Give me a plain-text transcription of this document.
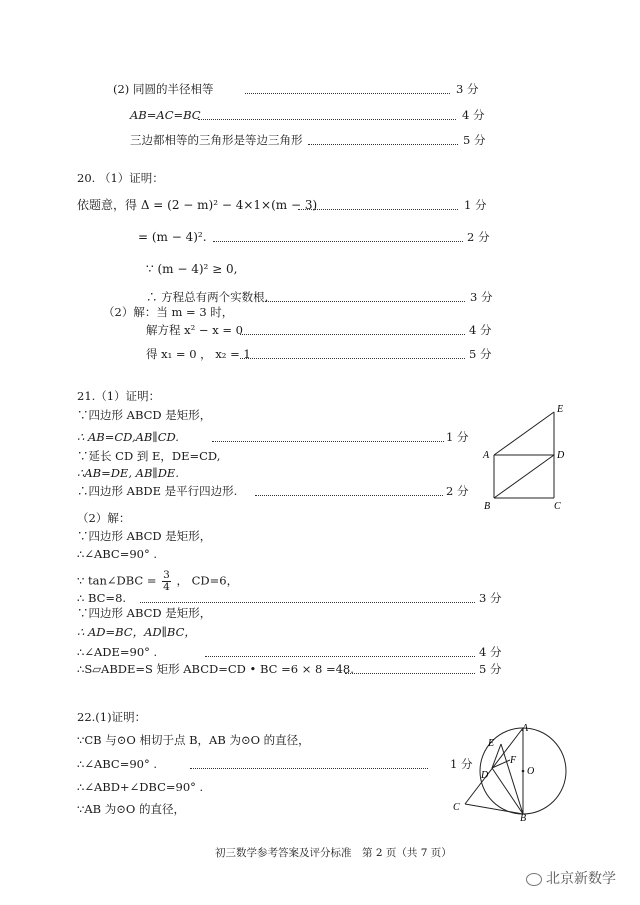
(2) 同圆的半径相等	3 分
AB=AC=BC	4 分
三边都相等的三角形是等边三角形	5 分
20. （1）证明：
依题意，得 Δ = (2 − m)² − 4×1×(m − 3)	1 分
= (m − 4)².	2 分
∵ (m − 4)² ≥ 0,
∴ 方程总有两个实数根.	3 分
（2）解：当 m = 3 时，
解方程 x² − x = 0	4 分
得 x₁ = 0 ， x₂ = 1	5 分
21.（1）证明：
∵四边形 ABCD 是矩形，
∴ AB=CD,AB∥CD.	1 分
∵延长 CD 到 E，DE=CD,
∴AB=DE, AB∥DE.
∴四边形 ABDE 是平行四边形.	2 分
E
A	D
B	C
（2）解：
∵四边形 ABCD 是矩形，
∴∠ABC=90° .
∵ tan∠DBC = $\frac{3}{4}$ ， CD=6，
∴ BC=8.	3 分
∵四边形 ABCD 是矩形，
∴ AD=BC，AD∥BC，
∴∠ADE=90° .	4 分
∴S▱ABDE=S 矩形 ABCD=CD • BC =6 × 8 =48.	5 分
22.(1)证明：
∵CB 与⊙O 相切于点 B，AB 为⊙O 的直径，
∴∠ABC=90° .	1 分
∴∠ABD+∠DBC=90° .
∵AB 为⊙O 的直径，
A
E
F
O
D
C
B
初三数学参考答案及评分标准　第 2 页（共 7 页）
北京新数学
